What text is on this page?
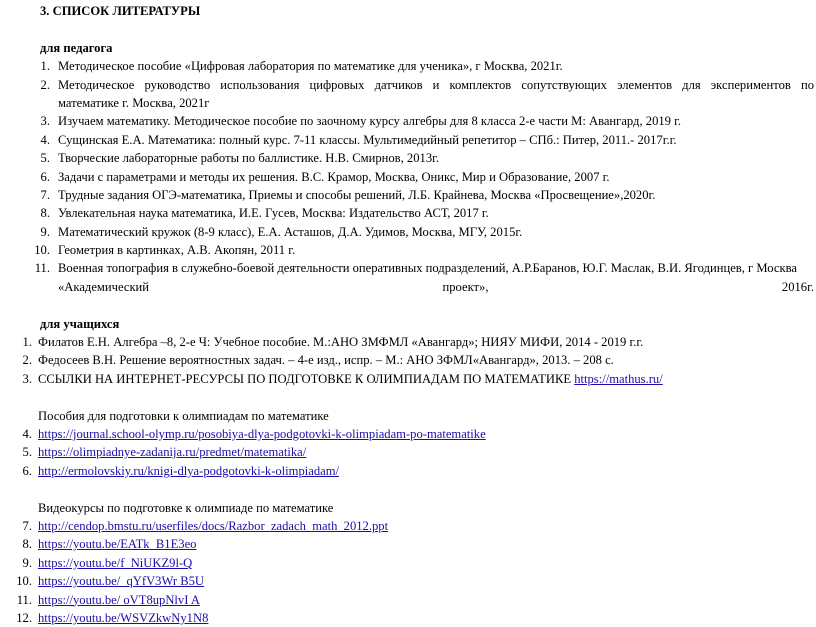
3. СПИСОК ЛИТЕРАТУРЫ
для педагога
1. Методическое пособие «Цифровая лаборатория по математике для ученика», г Москва, 2021г.
2. Методическое руководство использования цифровых датчиков и комплектов сопутствующих элементов для экспериментов по
математике г. Москва, 2021г
3. Изучаем математику. Методическое пособие по заочному курсу алгебры для 8 класса 2-е части М: Авангард, 2019 г.
4. Сущинская Е.А. Математика: полный курс. 7-11 классы. Мультимедийный репетитор – СПб.: Питер, 2011.- 2017г.г.
5. Творческие лабораторные работы по баллистике. Н.В. Смирнов, 2013г.
6. Задачи с параметрами и методы их решения. В.С. Крамор, Москва, Оникс, Мир и Образование, 2007 г.
7. Трудные задания ОГЭ-математика, Приемы и способы решений, Л.Б. Крайнева, Москва «Просвещение»,2020г.
8. Увлекательная наука математика, И.Е. Гусев, Москва: Издательство АСТ, 2017 г.
9. Математический кружок (8-9 класс), Е.А. Асташов, Д.А. Удимов, Москва, МГУ, 2015г.
10. Геометрия в картинках, А.В. Акопян, 2011 г.
11. Военная топография в служебно-боевой деятельности оперативных подразделений, А.Р.Баранов, Ю.Г. Маслак, В.И. Ягодинцев, г Москва
«Академический проект», 2016г.
для учащихся
1. Филатов Е.Н. Алгебра –8, 2-е Ч: Учебное пособие. М.:АНО ЗМФМЛ «Авангард»; НИЯУ МИФИ, 2014 - 2019 г.г.
2. Федосеев В.Н. Решение вероятностных задач. – 4-е изд., испр. – М.: АНО ЗФМЛ«Авангард», 2013. – 208 с.
3. ССЫЛКИ НА ИНТЕРНЕТ-РЕСУРСЫ ПО ПОДГОТОВКЕ К ОЛИМПИАДАМ ПО МАТЕМАТИКЕ https://mathus.ru/
Пособия для подготовки к олимпиадам по математике
4. https://journal.school-olymp.ru/posobiya-dlya-podgotovki-k-olimpiadam-po-matematike
5. https://olimpiadnye-zadanija.ru/predmet/matematika/
6. http://ermolovskiy.ru/knigi-dlya-podgotovki-k-olimpiadam/
Видеокурсы по подготовке к олимпиаде по математике
7. http://cendop.bmstu.ru/userfiles/docs/Razbor_zadach_math_2012.ppt
8. https://youtu.be/EATk_B1E3eo
9. https://youtu.be/f_NiUKZ9l-Q
10. https://youtu.be/_qYfV3Wr B5U
11. https://youtu.be/ oVT8upNlvI A
12. https://youtu.be/WSVZkwNy1N8
